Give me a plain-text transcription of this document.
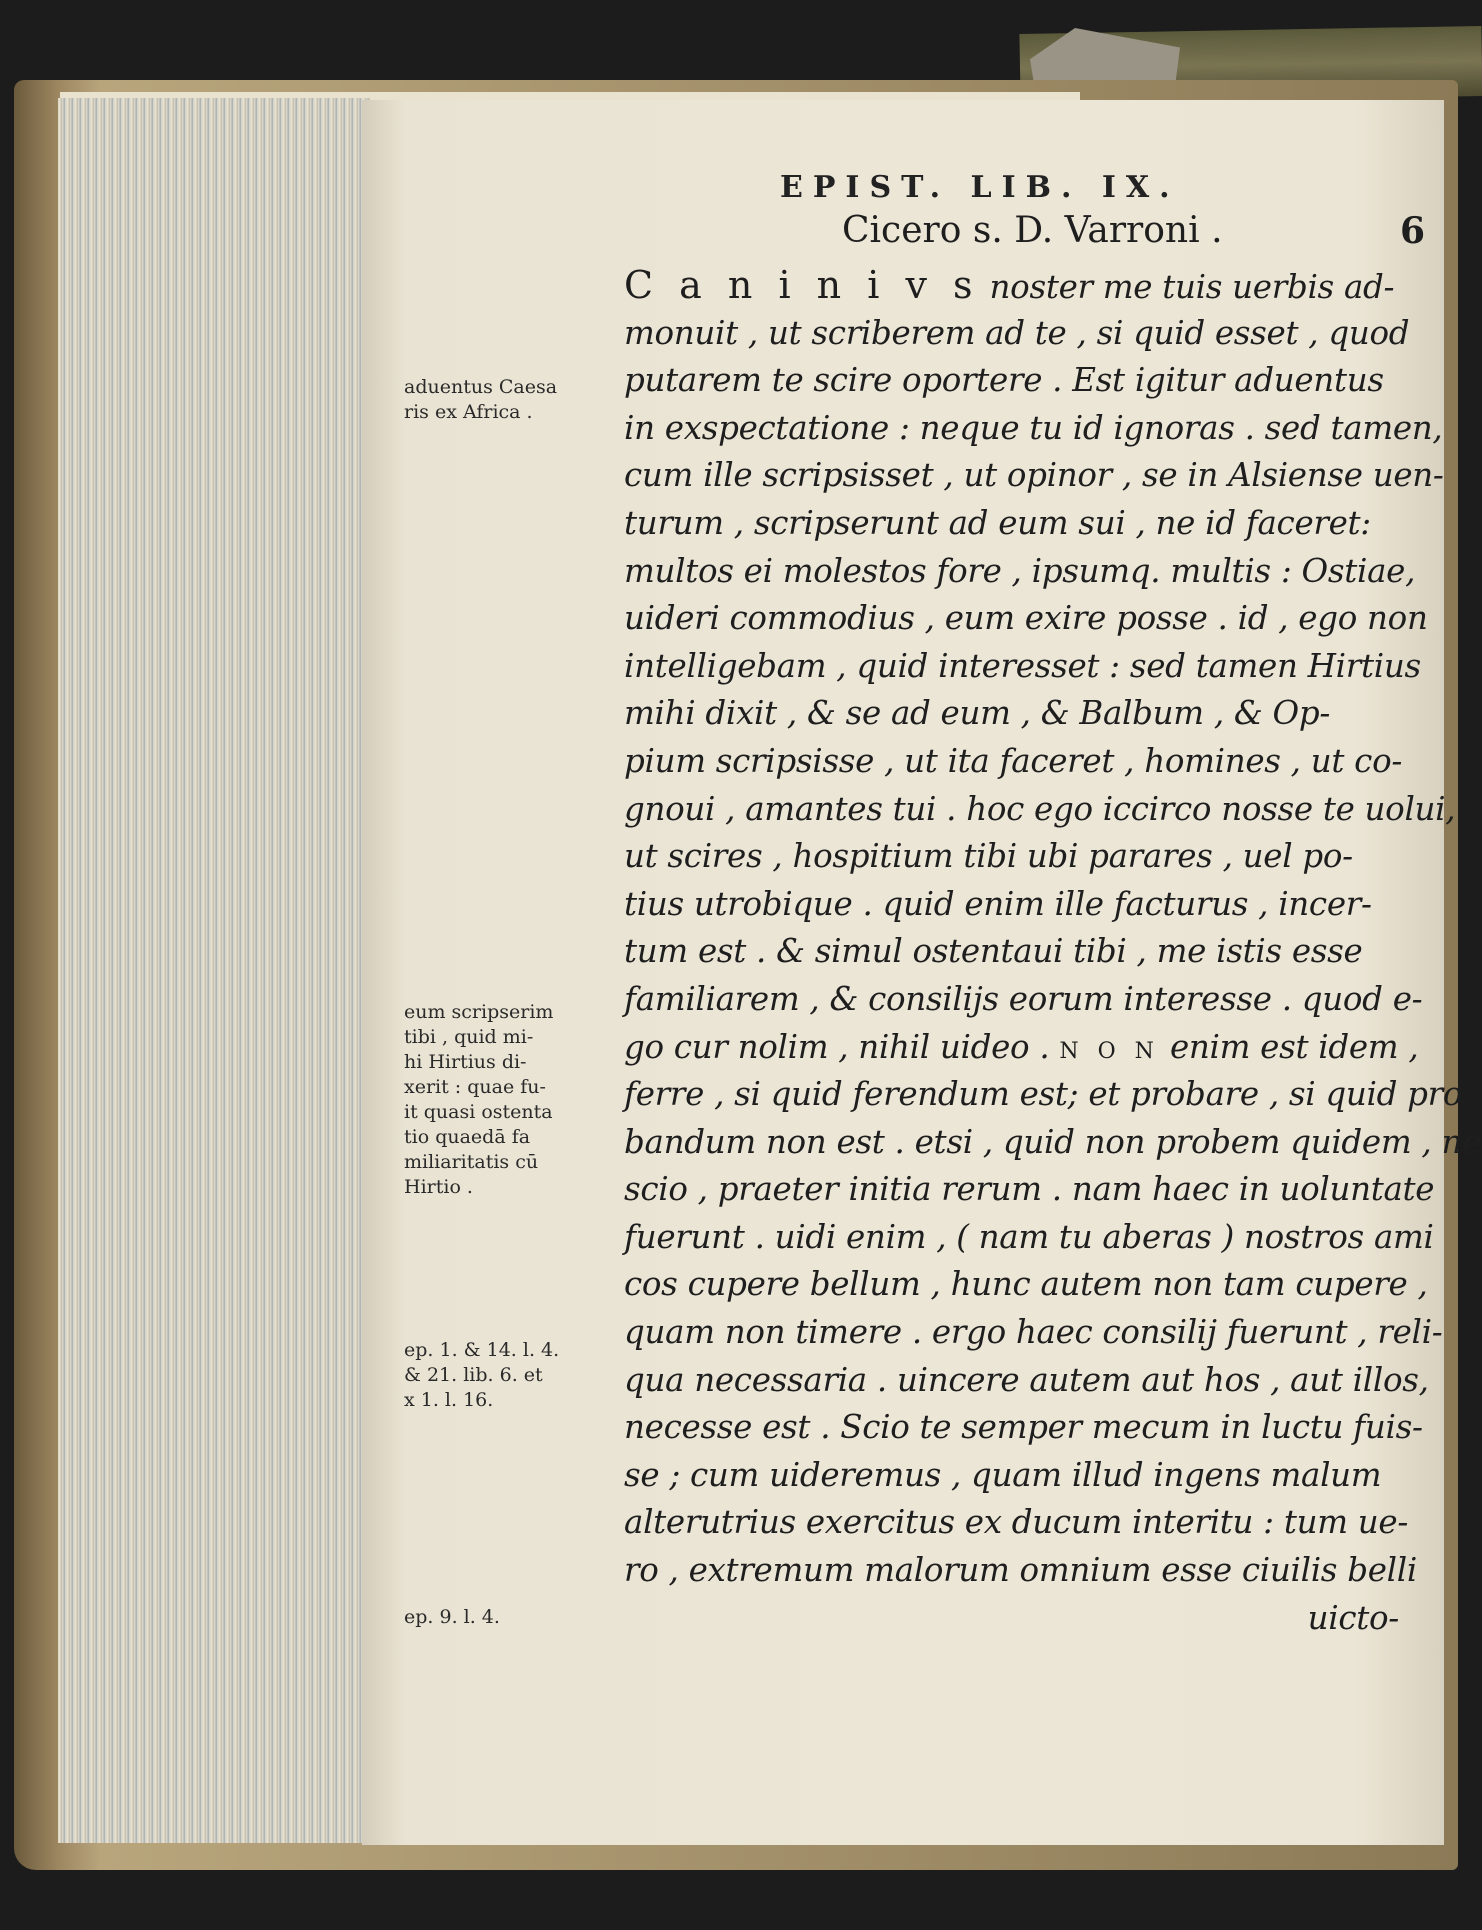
EPIST. LIB. IX.
Cicero s. D. Varroni .	6
C a n i n i v s noster me tuis uerbis ad-
monuit , ut scriberem ad te , si quid esset , quod
putarem te scire oportere . Est igitur aduentus
in exspectatione : neque tu id ignoras . sed tamen,
cum ille scripsisset , ut opinor , se in Alsiense uen-
turum , scripserunt ad eum sui , ne id faceret:
multos ei molestos fore , ipsumq. multis : Ostiae,
uideri commodius , eum exire posse . id , ego non
intelligebam , quid interesset : sed tamen Hirtius
mihi dixit , & se ad eum , & Balbum , & Op-
pium scripsisse , ut ita faceret , homines , ut co-
gnoui , amantes tui . hoc ego iccirco nosse te uolui,
ut scires , hospitium tibi ubi parares , uel po-
tius utrobique . quid enim ille facturus , incer-
tum est . & simul ostentaui tibi , me istis esse
familiarem , & consilijs eorum interesse . quod e-
go cur nolim , nihil uideo . N O N enim est idem ,
ferre , si quid ferendum est; et probare , si quid pro
bandum non est . etsi , quid non probem quidem , ne
scio , praeter initia rerum . nam haec in uoluntate
fuerunt . uidi enim , ( nam tu aberas ) nostros ami
cos cupere bellum , hunc autem non tam cupere ,
quam non timere . ergo haec consilij fuerunt , reli-
qua necessaria . uincere autem aut hos , aut illos,
necesse est . Scio te semper mecum in luctu fuis-
se ; cum uideremus , quam illud ingens malum
alterutrius exercitus ex ducum interitu : tum ue-
ro , extremum malorum omnium esse ciuilis belli
uicto-
aduentus Caesa
ris ex Africa .
eum scripserim
tibi , quid mi-
hi Hirtius di-
xerit : quae fu-
it quasi ostenta
tio quaedā fa
miliaritatis cū
Hirtio .
ep. 1. & 14. l. 4.
& 21. lib. 6. et
x 1. l. 16.
ep. 9. l. 4.
